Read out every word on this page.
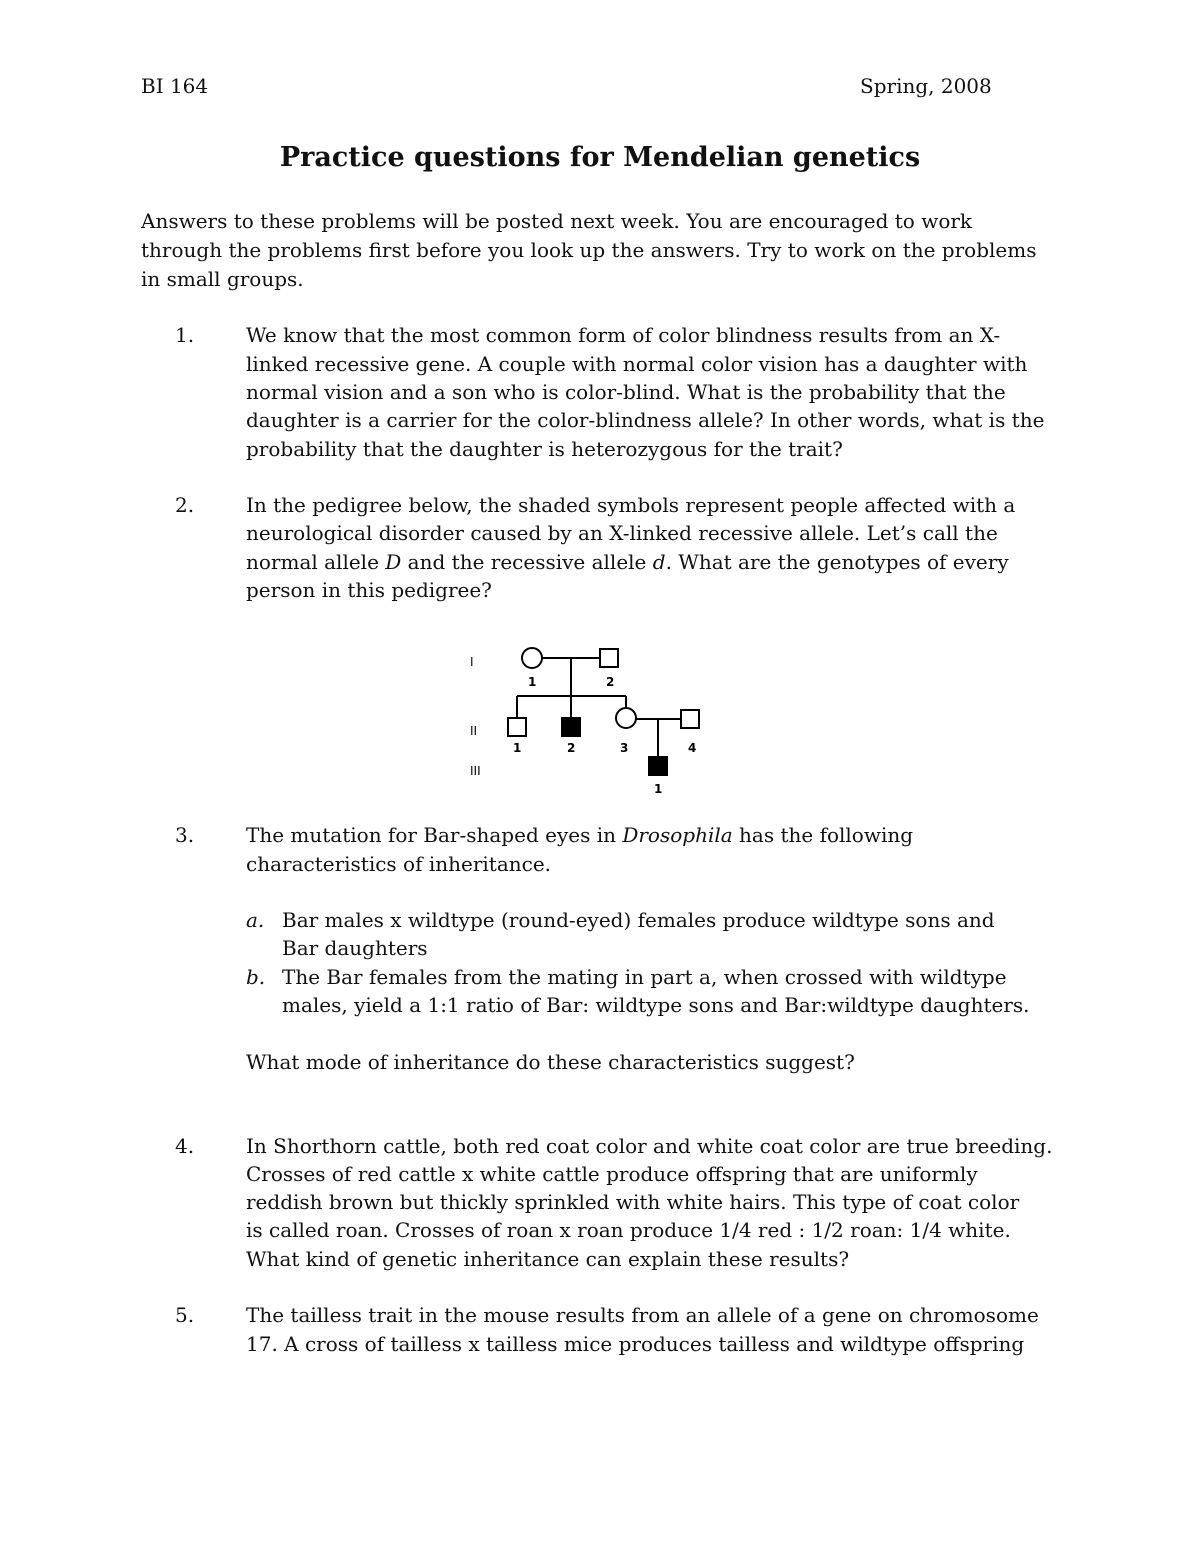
BI 164	Spring, 2008
Practice questions for Mendelian genetics
Answers to these problems will be posted next week. You are encouraged to work
through the problems first before you look up the answers. Try to work on the problems
in small groups.
1.	We know that the most common form of color blindness results from an X-
linked recessive gene. A couple with normal color vision has a daughter with
normal vision and a son who is color-blind. What is the probability that the
daughter is a carrier for the color-blindness allele? In other words, what is the
probability that the daughter is heterozygous for the trait?
2.	In the pedigree below, the shaded symbols represent people affected with a
neurological disorder caused by an X-linked recessive allele. Let’s call the
normal allele D and the recessive allele d. What are the genotypes of every
person in this pedigree?
I
II
III
1	2
1	2	3	4
1
3.	The mutation for Bar-shaped eyes in Drosophila has the following
characteristics of inheritance.
a. Bar males x wildtype (round-eyed) females produce wildtype sons and
Bar daughters
b. The Bar females from the mating in part a, when crossed with wildtype
males, yield a 1:1 ratio of Bar: wildtype sons and Bar:wildtype daughters.
What mode of inheritance do these characteristics suggest?
4.	In Shorthorn cattle, both red coat color and white coat color are true breeding.
Crosses of red cattle x white cattle produce offspring that are uniformly
reddish brown but thickly sprinkled with white hairs. This type of coat color
is called roan. Crosses of roan x roan produce 1/4 red : 1/2 roan: 1/4 white.
What kind of genetic inheritance can explain these results?
5.	The tailless trait in the mouse results from an allele of a gene on chromosome
17. A cross of tailless x tailless mice produces tailless and wildtype offspring
